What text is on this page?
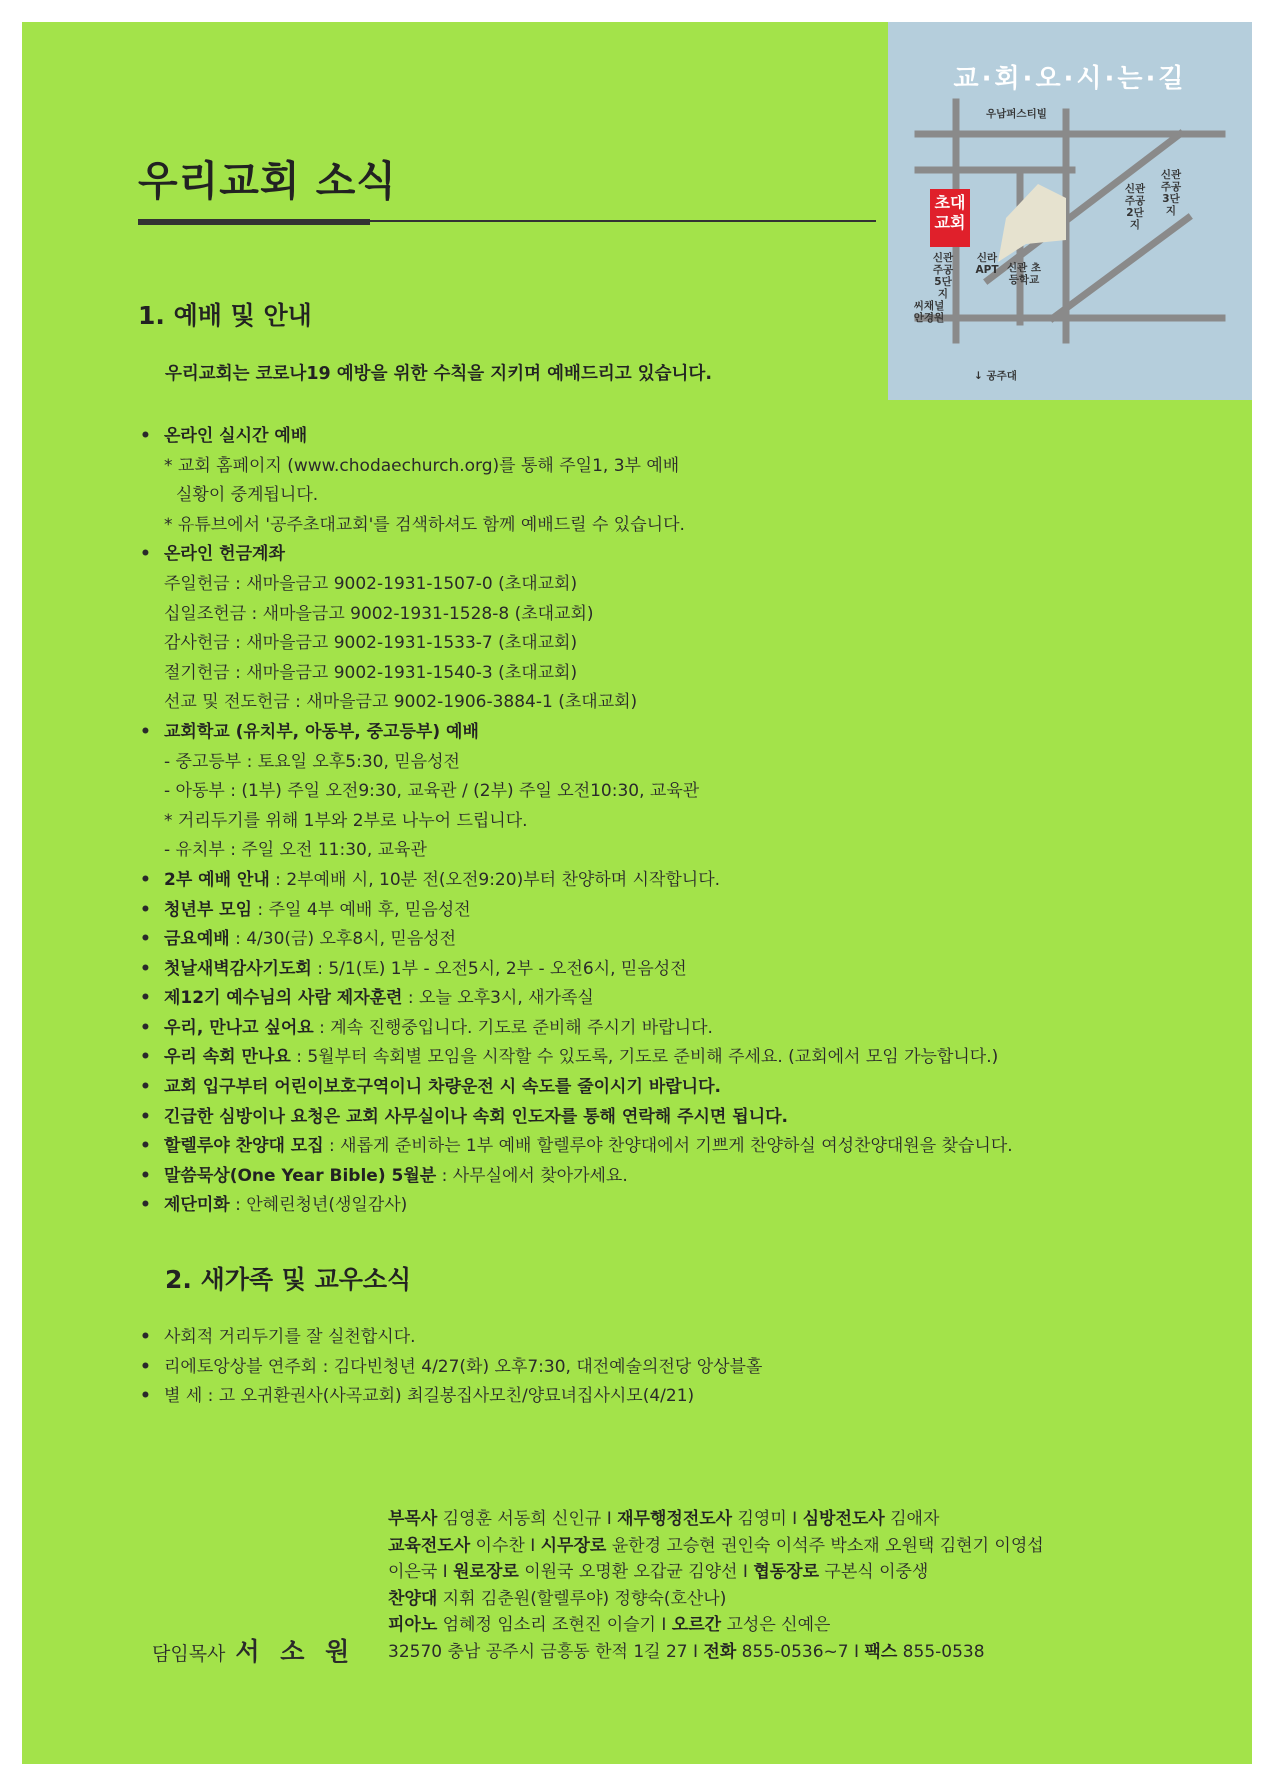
교·회·오·시·는·길
우남퍼스티빌
초대 교회
신관 주공 3단지
신관 주공 2단지
신관 주공 5단지
신라 APT 신관 초등학교
씨채널 안경원
↓ 공주대
우리교회 소식
1. 예배 및 안내

우리교회는 코로나19 예방을 위한 수칙을 지키며 예배드리고 있습니다.

• 온라인 실시간 예배
* 교회 홈페이지 (www.chodaechurch.org)를 통해 주일1, 3부 예배
실황이 중계됩니다.
* 유튜브에서 '공주초대교회'를 검색하셔도 함께 예배드릴 수 있습니다.
• 온라인 헌금계좌
주일헌금 : 새마을금고 9002-1931-1507-0 (초대교회)
십일조헌금 : 새마을금고 9002-1931-1528-8 (초대교회)
감사헌금 : 새마을금고 9002-1931-1533-7 (초대교회)
절기헌금 : 새마을금고 9002-1931-1540-3 (초대교회)
선교 및 전도헌금 : 새마을금고 9002-1906-3884-1 (초대교회)
• 교회학교 (유치부, 아동부, 중고등부) 예배
- 중고등부 : 토요일 오후5:30, 믿음성전
- 아동부 : (1부) 주일 오전9:30, 교육관 / (2부) 주일 오전10:30, 교육관
* 거리두기를 위해 1부와 2부로 나누어 드립니다.
- 유치부 : 주일 오전 11:30, 교육관
• 2부 예배 안내 : 2부예배 시, 10분 전(오전9:20)부터 찬양하며 시작합니다.
• 청년부 모임 : 주일 4부 예배 후, 믿음성전
• 금요예배 : 4/30(금) 오후8시, 믿음성전
• 첫날새벽감사기도회 : 5/1(토) 1부 - 오전5시, 2부 - 오전6시, 믿음성전
• 제12기 예수님의 사람 제자훈련 : 오늘 오후3시, 새가족실
• 우리, 만나고 싶어요 : 계속 진행중입니다. 기도로 준비해 주시기 바랍니다.
• 우리 속회 만나요 : 5월부터 속회별 모임을 시작할 수 있도록, 기도로 준비해 주세요. (교회에서 모임 가능합니다.)
• 교회 입구부터 어린이보호구역이니 차량운전 시 속도를 줄이시기 바랍니다.
• 긴급한 심방이나 요청은 교회 사무실이나 속회 인도자를 통해 연락해 주시면 됩니다.
• 할렐루야 찬양대 모집 : 새롭게 준비하는 1부 예배 할렐루야 찬양대에서 기쁘게 찬양하실 여성찬양대원을 찾습니다.
• 말씀묵상(One Year Bible) 5월분 : 사무실에서 찾아가세요.
• 제단미화 : 안혜린청년(생일감사)
2. 새가족 및 교우소식
• 사회적 거리두기를 잘 실천합시다.
• 리에토앙상블 연주회 : 김다빈청년 4/27(화) 오후7:30, 대전예술의전당 앙상블홀
• 별 세 : 고 오귀환권사(사곡교회) 최길봉집사모친/양묘녀집사시모(4/21)
부목사 김영훈 서동희 신인규 I 재무행정전도사 김영미 I 심방전도사 김애자
교육전도사 이수찬 I 시무장로 윤한경 고승현 권인숙 이석주 박소재 오원택 김현기 이영섭
이은국 I 원로장로 이원국 오명환 오갑균 김양선 I 협동장로 구본식 이중생
찬양대 지휘 김춘원(할렐루야) 정향숙(호산나)
피아노 엄혜정 임소리 조현진 이슬기 I 오르간 고성은 신예은
32570 충남 공주시 금흥동 한적 1길 27 I 전화 855-0536~7 I 팩스 855-0538
담임목사 서 소 원
